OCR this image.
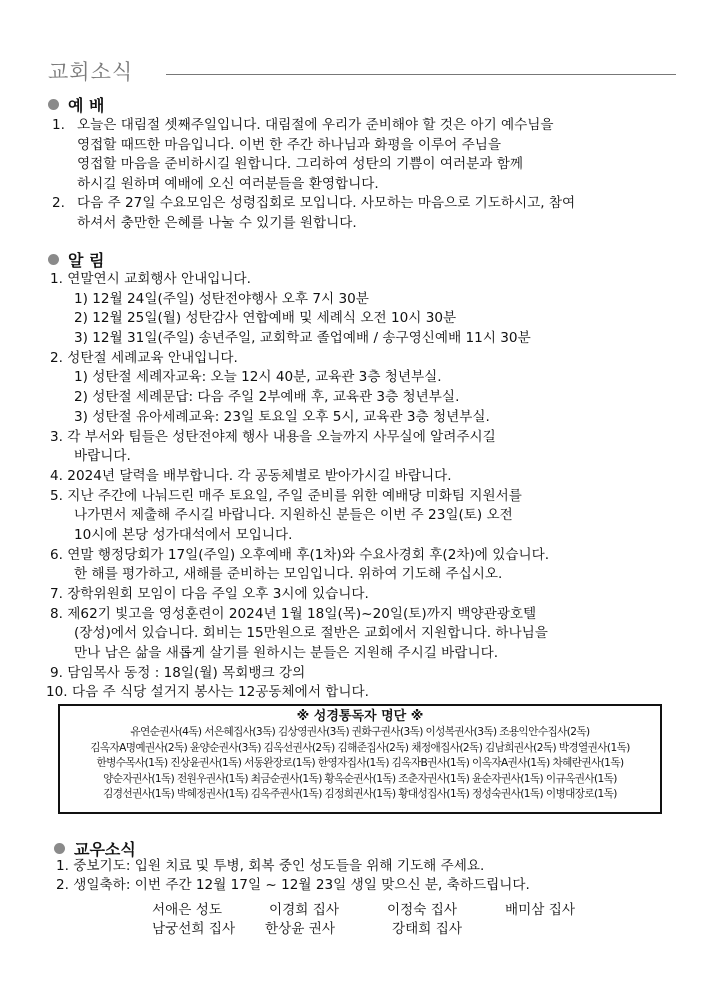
교회소식
예 배
1. 오늘은 대림절 셋째주일입니다. 대림절에 우리가 준비해야 할 것은 아기 예수님을
영접할 때뜨한 마음입니다. 이번 한 주간 하나님과 화평을 이루어 주님을
영접할 마음을 준비하시길 원합니다. 그리하여 성탄의 기쁨이 여러분과 함께
하시길 원하며 예배에 오신 여러분들을 환영합니다.
2. 다음 주 27일 수요모임은 성령집회로 모입니다. 사모하는 마음으로 기도하시고, 참여
하셔서 충만한 은혜를 나눌 수 있기를 원합니다.
알 림
1. 연말연시 교회행사 안내입니다.
1) 12월 24일(주일) 성탄전야행사 오후 7시 30분
2) 12월 25일(월) 성탄감사 연합예배 및 세례식 오전 10시 30분
3) 12월 31일(주일) 송년주일, 교회학교 졸업예배 / 송구영신예배 11시 30분
2. 성탄절 세례교육 안내입니다.
1) 성탄절 세례자교육: 오늘 12시 40분, 교육관 3층 청년부실.
2) 성탄절 세례문답: 다음 주일 2부예배 후, 교육관 3층 청년부실.
3) 성탄절 유아세례교육: 23일 토요일 오후 5시, 교육관 3층 청년부실.
3. 각 부서와 팀들은 성탄전야제 행사 내용을 오늘까지 사무실에 알려주시길
바랍니다.
4. 2024년 달력을 배부합니다. 각 공동체별로 받아가시길 바랍니다.
5. 지난 주간에 나눠드린 매주 토요일, 주일 준비를 위한 예배당 미화팀 지원서를
나가면서 제출해 주시길 바랍니다. 지원하신 분들은 이번 주 23일(토) 오전
10시에 본당 성가대석에서 모입니다.
6. 연말 행정당회가 17일(주일) 오후예배 후(1차)와 수요사경회 후(2차)에 있습니다.
한 해를 평가하고, 새해를 준비하는 모임입니다. 위하여 기도해 주십시오.
7. 장학위원회 모임이 다음 주일 오후 3시에 있습니다.
8. 제62기 빛고을 영성훈련이 2024년 1월 18일(목)~20일(토)까지 백양관광호텔
(장성)에서 있습니다. 회비는 15만원으로 절반은 교회에서 지원합니다. 하나님을
만나 남은 삶을 새롭게 살기를 원하시는 분들은 지원해 주시길 바랍니다.
9. 담임목사 동정 : 18일(월) 목회뱅크 강의
10. 다음 주 식당 설거지 봉사는 12공동체에서 합니다.
※ 성경통독자 명단 ※
유연순권사(4독) 서은혜집사(3독) 김상영권사(3독) 권화구권사(3독) 이성복권사(3독) 조용익안수집사(2독)
김옥자A명예권사(2독) 윤양순권사(3독) 김옥선권사(2독) 김해준집사(2독) 채정애집사(2독) 김남희권사(2독) 박경열권사(1독)
한병수목사(1독) 진상윤권사(1독) 서동완장로(1독) 한영자집사(1독) 김옥자B권사(1독) 이옥자A권사(1독) 차혜란권사(1독)
양순자권사(1독) 전원우권사(1독) 최금순권사(1독) 황옥순권사(1독) 조춘자권사(1독) 윤순자권사(1독) 이규옥권사(1독)
김경선권사(1독) 박혜정권사(1독) 김옥주권사(1독) 김정희권사(1독) 황대성집사(1독) 정성숙권사(1독) 이병대장로(1독)
교우소식
1. 중보기도: 입원 치료 및 투병, 회복 중인 성도들을 위해 기도해 주세요.
2. 생일축하: 이번 주간 12월 17일 ~ 12월 23일 생일 맞으신 분, 축하드립니다.
서애은 성도	이경희 집사	이정숙 집사	배미삼 집사
남궁선희 집사 한상윤 권사	강태희 집사
